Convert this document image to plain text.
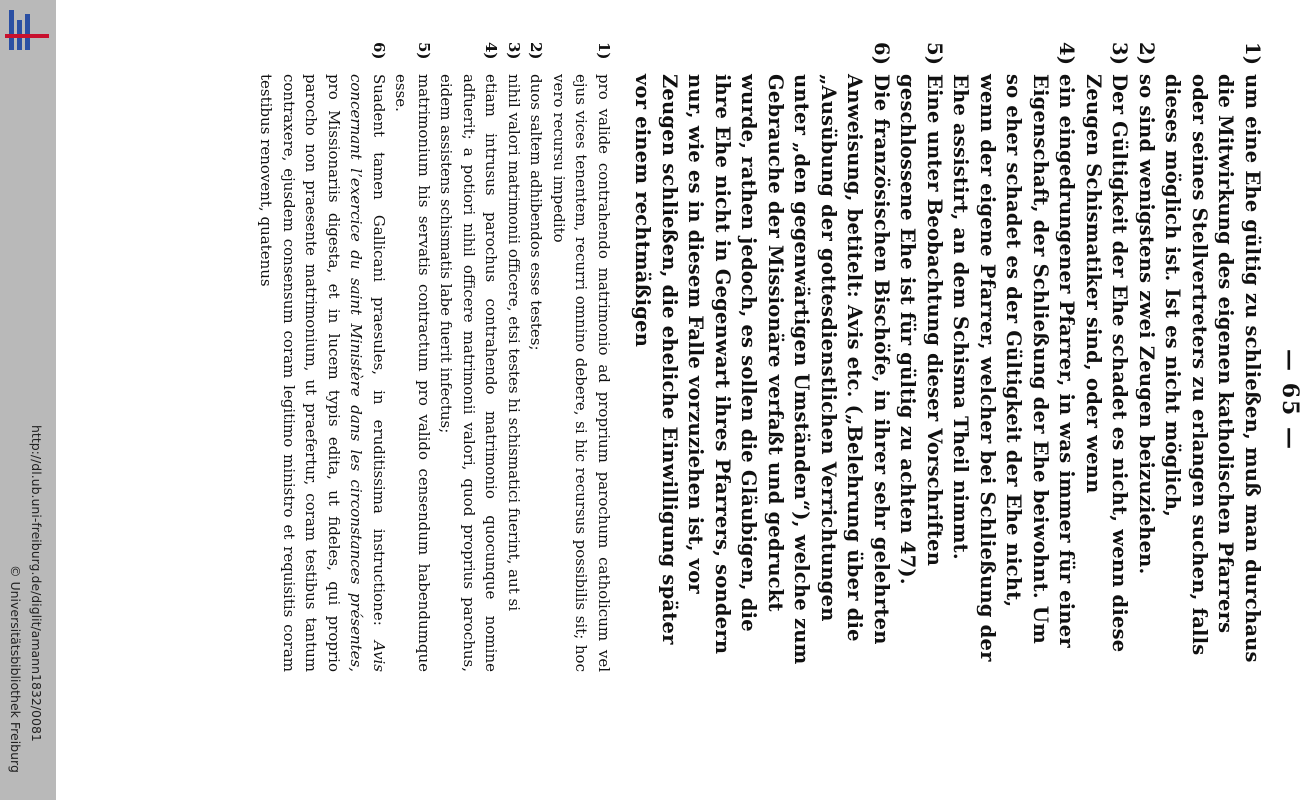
http://dl.ub.uni-freiburg.de/diglit/amann1832/0081
© Universitätsbibliothek Freiburg
— 65 —
1)
um eine Ehe gültig zu schließen, muß man durchaus die Mitwirkung des eigenen katholischen Pfarrers oder seines Stellvertreters zu erlangen suchen, falls dieses möglich ist. Ist es nicht möglich,
2)
so sind wenigstens zwei Zeugen beizuziehen.
3)
Der Gültigkeit der Ehe schadet es nicht, wenn diese Zeugen Schismatiker sind, oder wenn
4)
ein eingedrungener Pfarrer, in was immer für einer Eigenschaft, der Schließung der Ehe beiwohnt. Um so eher schadet es der Gültigkeit der Ehe nicht, wenn der eigene Pfarrer, welcher bei Schließung der Ehe assistirt, an dem Schisma Theil nimmt.
5)
Eine unter Beobachtung dieser Vorschriften geschlossene Ehe ist für gültig zu achten 47).
6)
Die französischen Bischöfe, in ihrer sehr gelehrten Anweisung, betitelt: Avis etc. („Belehrung über die „Ausübung der gottesdienstlichen Verrichtungen unter „den gegenwärtigen Umständen“), welche zum Gebrauche der Missionäre verfaßt und gedruckt wurde, rathen jedoch, es sollen die Gläubigen, die ihre Ehe nicht in Gegenwart ihres Pfarrers, sondern nur, wie es in diesem Falle vorzuziehen ist, vor Zeugen schließen, die eheliche Einwilligung später vor einem rechtmäßigen
1)
pro valide contrahendo matrimonio ad proprium parochum catholicum vel ejus vices tenentem, recurri omnino debere, si hic recursus possibilis sit; hoc vero recursu impedito
2)
duos saltem adhibendos esse testes;
3)
nihil valori matrimonii officere, etsi testes hi schismatici fuerint, aut si
4)
etiam intrusus parochus contrahendo matrimonio quocunque nomine adfuerit; a potiori nihil officere matrimonii valori, quod proprius parochus, eidem assistens schismatis labe fuerit infectus;
5)
matrimonium his servatis contractum pro valido censendum habendumque esse.
6)
Suadent tamen Gallicani praesules, in eruditissima instructione: Avis concernant l’exercice du saint Ministère dans les circonstances présentes, pro Missionariis digesta, et in lucem typis edita, ut fideles, qui proprio parocho non praesente matrimonium, ut praefertur, coram testibus tantum contraxere, ejusdem consensum coram legitimo ministro et requisitis coram testibus renovent, quatenus
